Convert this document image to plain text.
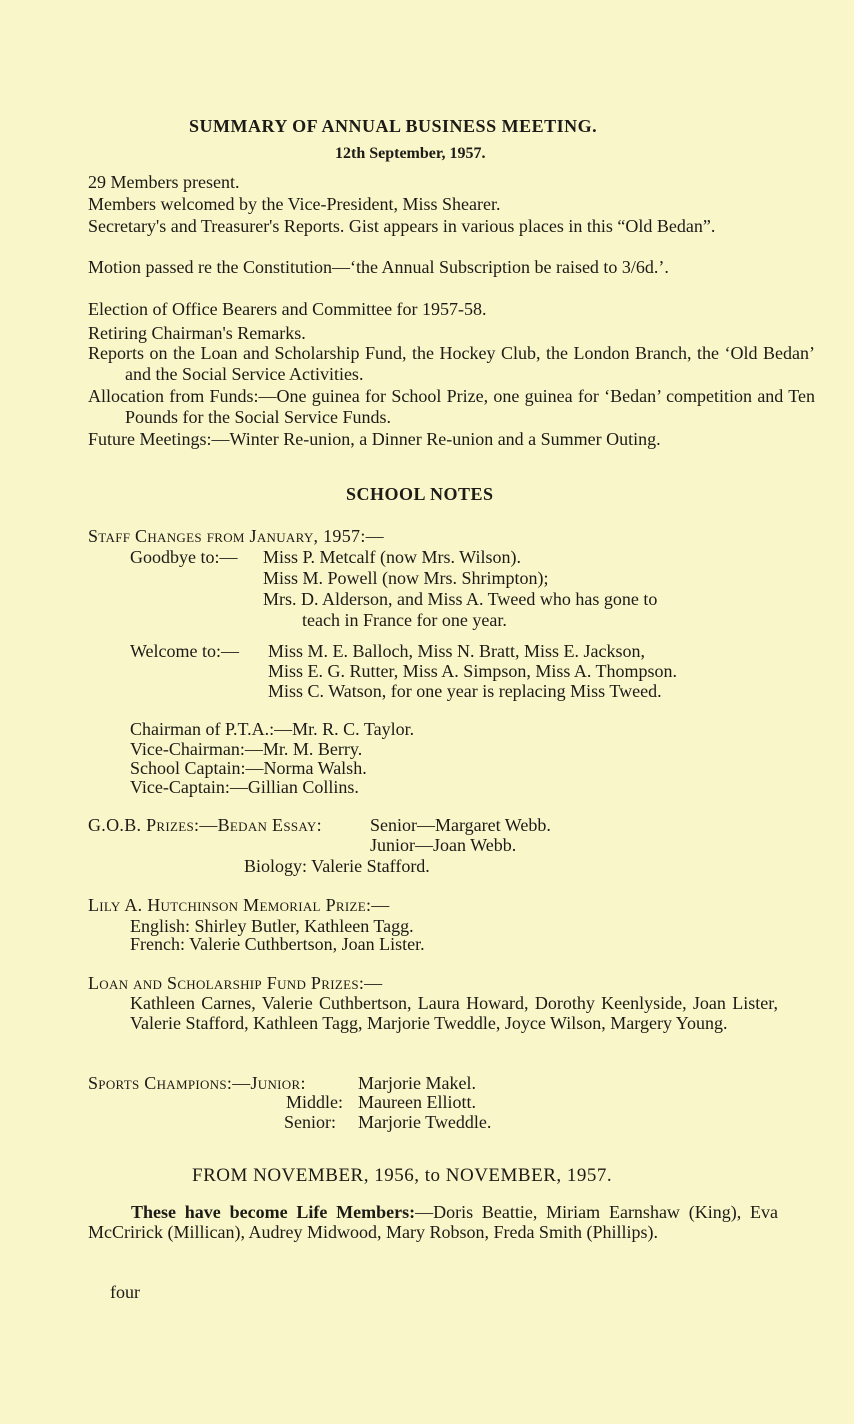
SUMMARY OF ANNUAL BUSINESS MEETING.
12th September, 1957.
29 Members present.
Members welcomed by the Vice-President, Miss Shearer.
Secretary's and Treasurer's Reports. Gist appears in various places in this “Old Bedan”.
Motion passed re the Constitution—‘the Annual Subscription be raised to 3/6d.’.
Election of Office Bearers and Committee for 1957-58.
Retiring Chairman's Remarks.
Reports on the Loan and Scholarship Fund, the Hockey Club, the London Branch, the ‘Old Bedan’ and the Social Service Activities.
Allocation from Funds:—One guinea for School Prize, one guinea for ‘Bedan’ competition and Ten Pounds for the Social Service Funds.
Future Meetings:—Winter Re-union, a Dinner Re-union and a Summer Outing.
SCHOOL NOTES
Staff Changes from January, 1957:—
Goodbye to:— Miss P. Metcalf (now Mrs. Wilson).
Miss M. Powell (now Mrs. Shrimpton);
Mrs. D. Alderson, and Miss A. Tweed who has gone to
teach in France for one year.
Welcome to:— Miss M. E. Balloch, Miss N. Bratt, Miss E. Jackson,
Miss E. G. Rutter, Miss A. Simpson, Miss A. Thompson.
Miss C. Watson, for one year is replacing Miss Tweed.
Chairman of P.T.A.:—Mr. R. C. Taylor.
Vice-Chairman:—Mr. M. Berry.
School Captain:—Norma Walsh.
Vice-Captain:—Gillian Collins.
G.O.B. Prizes:—Bedan Essay:	Senior—Margaret Webb.
Junior—Joan Webb.
Biology: Valerie Stafford.
Lily A. Hutchinson Memorial Prize:—
English: Shirley Butler, Kathleen Tagg.
French: Valerie Cuthbertson, Joan Lister.
Loan and Scholarship Fund Prizes:—
Kathleen Carnes, Valerie Cuthbertson, Laura Howard, Dorothy Keenlyside, Joan Lister, Valerie Stafford, Kathleen Tagg, Marjorie Tweddle, Joyce Wilson, Margery Young.
Sports Champions:—Junior:	Marjorie Makel.
Middle: Maureen Elliott.
Senior: Marjorie Tweddle.
FROM NOVEMBER, 1956, to NOVEMBER, 1957.
These have become Life Members:—Doris Beattie, Miriam Earnshaw (King), Eva McCririck (Millican), Audrey Midwood, Mary Robson, Freda Smith (Phillips).
four
